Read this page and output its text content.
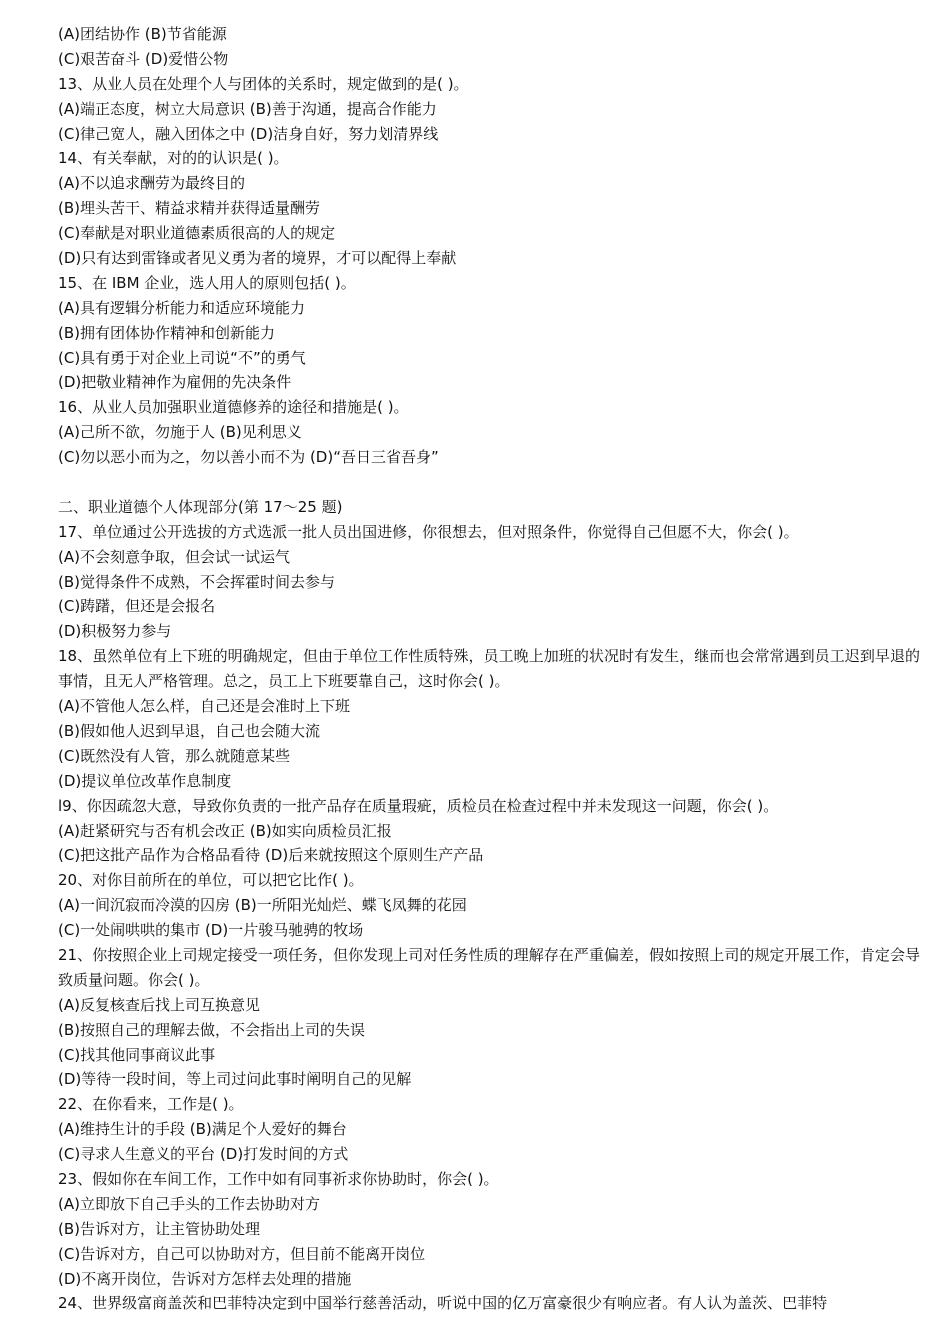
(A)团结协作 (B)节省能源
(C)艰苦奋斗 (D)爱惜公物
13、从业人员在处理个人与团体的关系时，规定做到的是( )。
(A)端正态度，树立大局意识 (B)善于沟通，提高合作能力
(C)律己宽人，融入团体之中 (D)洁身自好，努力划清界线
14、有关奉献，对的的认识是( )。
(A)不以追求酬劳为最终目的
(B)埋头苦干、精益求精并获得适量酬劳
(C)奉献是对职业道德素质很高的人的规定
(D)只有达到雷锋或者见义勇为者的境界，才可以配得上奉献
15、在 IBM 企业，选人用人的原则包括( )。
(A)具有逻辑分析能力和适应环境能力
(B)拥有团体协作精神和创新能力
(C)具有勇于对企业上司说“不”的勇气
(D)把敬业精神作为雇佣的先决条件
16、从业人员加强职业道德修养的途径和措施是( )。
(A)己所不欲，勿施于人 (B)见利思义
(C)勿以恶小而为之，勿以善小而不为 (D)“吾日三省吾身”
二、职业道德个人体现部分(第 17～25 题)
17、单位通过公开选拔的方式选派一批人员出国进修，你很想去，但对照条件，你觉得自己但愿不大，你会( )。
(A)不会刻意争取，但会试一试运气
(B)觉得条件不成熟，不会挥霍时间去参与
(C)踌躇，但还是会报名
(D)积极努力参与
18、虽然单位有上下班的明确规定，但由于单位工作性质特殊，员工晚上加班的状况时有发生，继而也会常常遇到员工迟到早退的事情，且无人严格管理。总之，员工上下班要靠自己，这时你会( )。
(A)不管他人怎么样，自己还是会准时上下班
(B)假如他人迟到早退，自己也会随大流
(C)既然没有人管，那么就随意某些
(D)提议单位改革作息制度
l9、你因疏忽大意，导致你负责的一批产品存在质量瑕疵，质检员在检查过程中并未发现这一问题，你会( )。
(A)赶紧研究与否有机会改正 (B)如实向质检员汇报
(C)把这批产品作为合格品看待 (D)后来就按照这个原则生产产品
20、对你目前所在的单位，可以把它比作( )。
(A)一间沉寂而冷漠的囚房 (B)一所阳光灿烂、蝶飞凤舞的花园
(C)一处闹哄哄的集市 (D)一片骏马驰骋的牧场
21、你按照企业上司规定接受一项任务，但你发现上司对任务性质的理解存在严重偏差，假如按照上司的规定开展工作，肯定会导致质量问题。你会( )。
(A)反复核查后找上司互换意见
(B)按照自己的理解去做，不会指出上司的失误
(C)找其他同事商议此事
(D)等待一段时间，等上司过问此事时阐明自己的见解
22、在你看来，工作是( )。
(A)维持生计的手段 (B)满足个人爱好的舞台
(C)寻求人生意义的平台 (D)打发时间的方式
23、假如你在车间工作，工作中如有同事祈求你协助时，你会( )。
(A)立即放下自己手头的工作去协助对方
(B)告诉对方，让主管协助处理
(C)告诉对方，自己可以协助对方，但目前不能离开岗位
(D)不离开岗位，告诉对方怎样去处理的措施
24、世界级富商盖茨和巴菲特决定到中国举行慈善活动，听说中国的亿万富豪很少有响应者。有人认为盖茨、巴菲特
